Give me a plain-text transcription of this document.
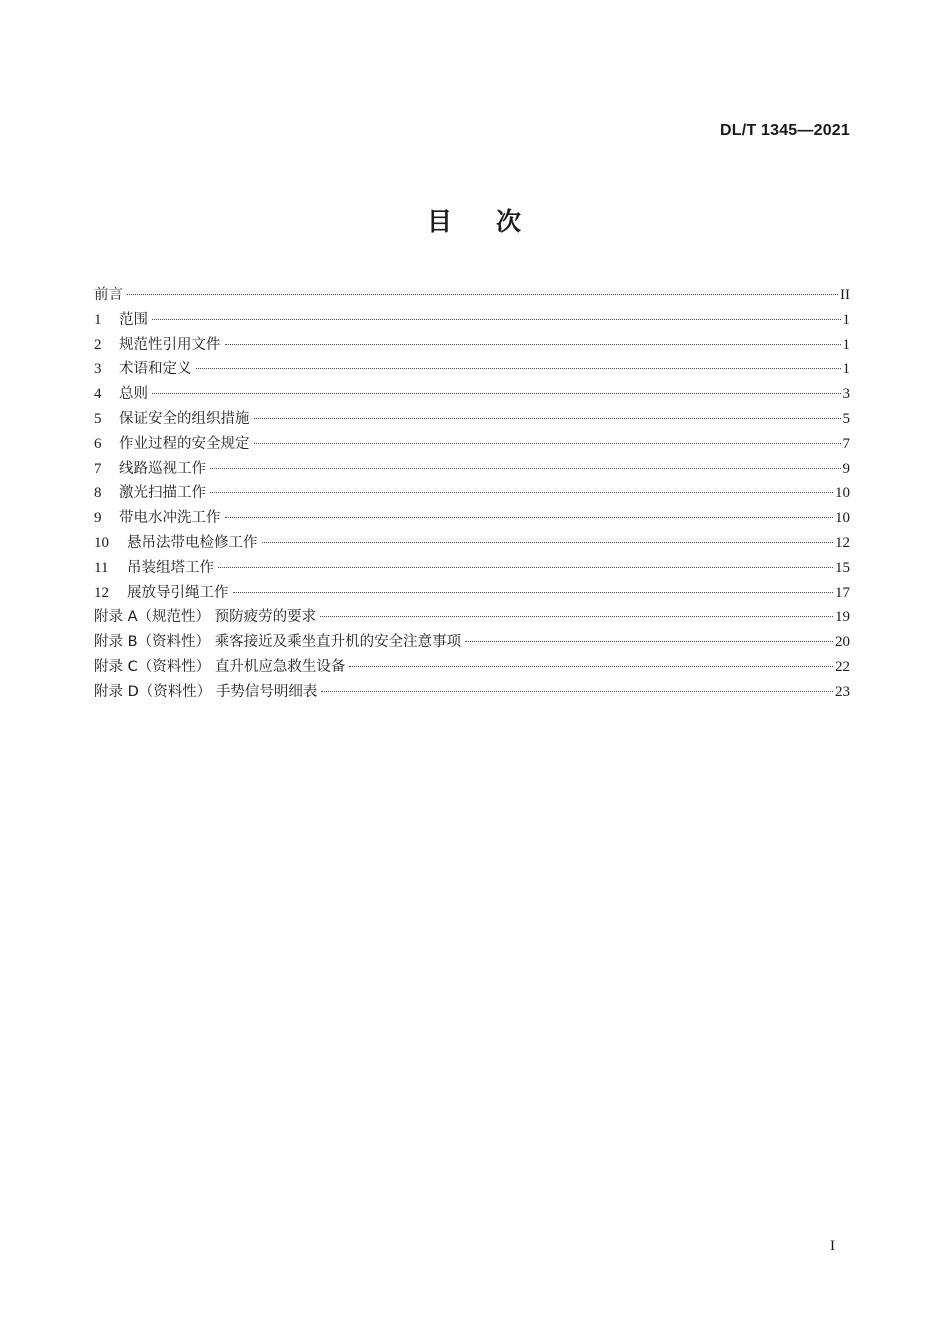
DL/T 1345—2021
目 次
前言	II
1	范围	1
2	规范性引用文件	1
3	术语和定义	1
4	总则	3
5	保证安全的组织措施	5
6	作业过程的安全规定	7
7	线路巡视工作	9
8	激光扫描工作	10
9	带电水冲洗工作	10
10	悬吊法带电检修工作	12
11	吊装组塔工作	15
12	展放导引绳工作	17
附录 A（规范性） 预防疲劳的要求	19
附录 B（资料性） 乘客接近及乘坐直升机的安全注意事项	20
附录 C（资料性） 直升机应急救生设备	22
附录 D（资料性） 手势信号明细表	23
I
